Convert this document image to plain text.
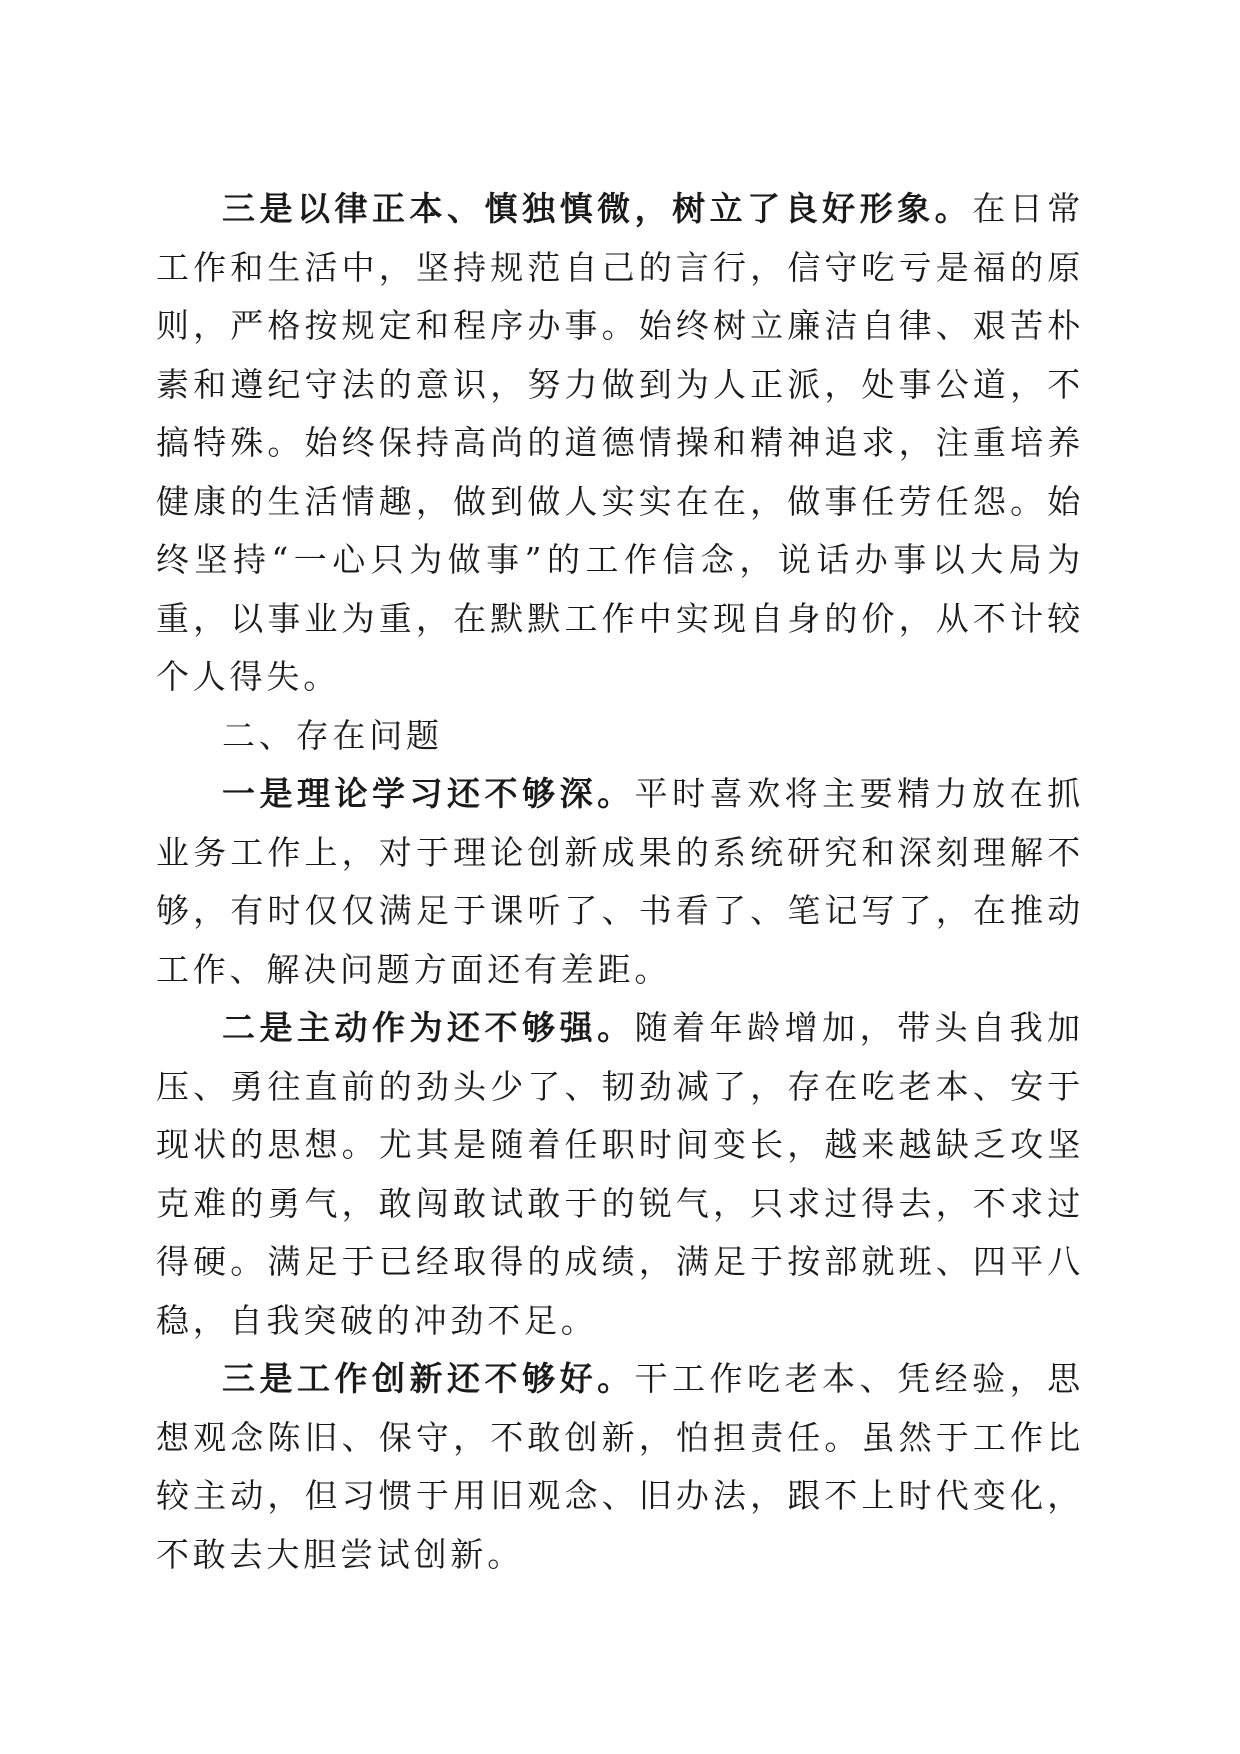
三是以律正本、慎独慎微，树立了良好形象。在日常工作和生活中，坚持规范自己的言行，信守吃亏是福的原则，严格按规定和程序办事。始终树立廉洁自律、艰苦朴素和遵纪守法的意识，努力做到为人正派，处事公道，不搞特殊。始终保持高尚的道德情操和精神追求，注重培养健康的生活情趣，做到做人实实在在，做事任劳任怨。始终坚持“一心只为做事”的工作信念，说话办事以大局为重，以事业为重，在默默工作中实现自身的价，从不计较个人得失。

二、存在问题

一是理论学习还不够深。平时喜欢将主要精力放在抓业务工作上，对于理论创新成果的系统研究和深刻理解不够，有时仅仅满足于课听了、书看了、笔记写了，在推动工作、解决问题方面还有差距。

二是主动作为还不够强。随着年龄增加，带头自我加压、勇往直前的劲头少了、韧劲减了，存在吃老本、安于现状的思想。尤其是随着任职时间变长，越来越缺乏攻坚克难的勇气，敢闯敢试敢于的锐气，只求过得去，不求过得硬。满足于已经取得的成绩，满足于按部就班、四平八稳，自我突破的冲劲不足。

三是工作创新还不够好。干工作吃老本、凭经验，思想观念陈旧、保守，不敢创新，怕担责任。虽然于工作比较主动，但习惯于用旧观念、旧办法，跟不上时代变化，不敢去大胆尝试创新。
